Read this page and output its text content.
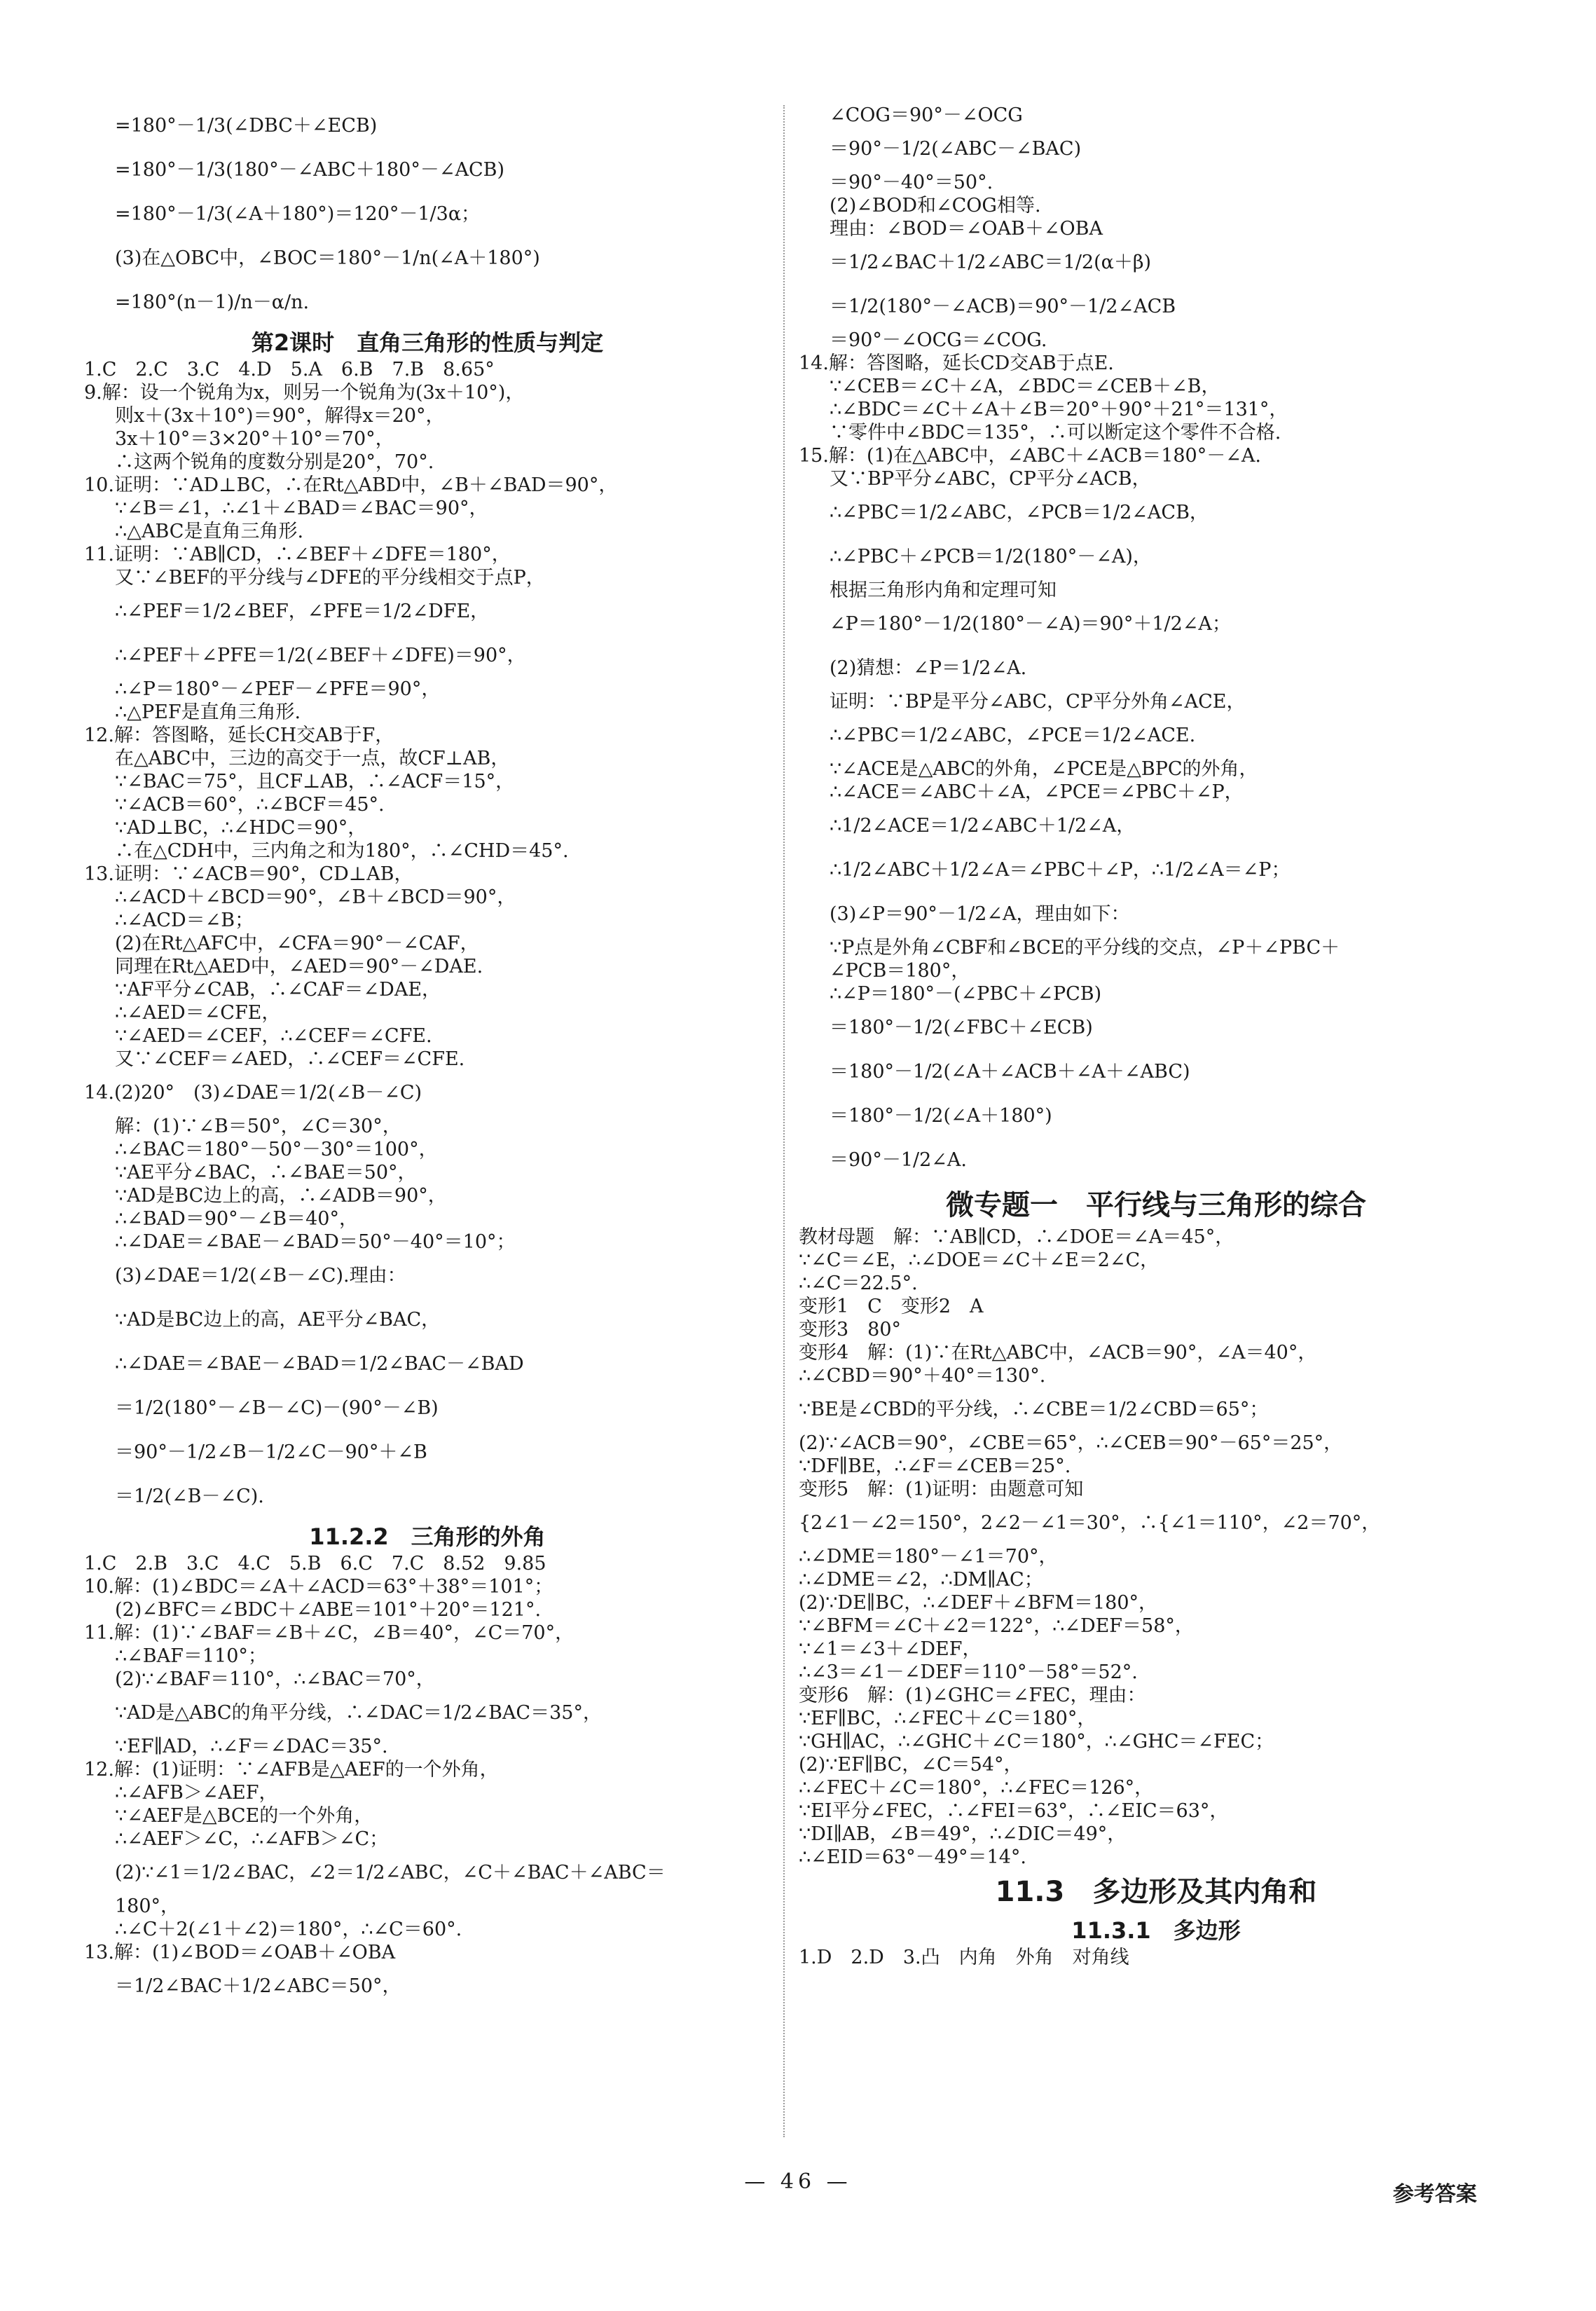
=180°－1/3(∠DBC＋∠ECB)
=180°－1/3(180°－∠ABC＋180°－∠ACB)
=180°－1/3(∠A＋180°)＝120°－1/3α；
(3)在△OBC中，∠BOC＝180°－1/n(∠A＋180°)
=180°(n－1)/n－α/n.
第2课时　直角三角形的性质与判定
1.C　2.C　3.C　4.D　5.A　6.B　7.B　8.65°
9.解：设一个锐角为x，则另一个锐角为(3x＋10°)，
则x＋(3x＋10°)＝90°，解得x＝20°，
3x＋10°＝3×20°＋10°＝70°，
∴这两个锐角的度数分别是20°，70°.
10.证明：∵AD⊥BC，∴在Rt△ABD中，∠B＋∠BAD＝90°，
∵∠B＝∠1，∴∠1＋∠BAD＝∠BAC＝90°，
∴△ABC是直角三角形.
11.证明：∵AB∥CD，∴∠BEF＋∠DFE＝180°，
又∵∠BEF的平分线与∠DFE的平分线相交于点P，
∴∠PEF＝1/2∠BEF，∠PFE＝1/2∠DFE，
∴∠PEF＋∠PFE＝1/2(∠BEF＋∠DFE)＝90°，
∴∠P＝180°－∠PEF－∠PFE＝90°，
∴△PEF是直角三角形.
12.解：答图略，延长CH交AB于F，
在△ABC中，三边的高交于一点，故CF⊥AB，
∵∠BAC＝75°，且CF⊥AB，∴∠ACF＝15°，
∵∠ACB＝60°，∴∠BCF＝45°.
∵AD⊥BC，∴∠HDC＝90°，
∴在△CDH中，三内角之和为180°，∴∠CHD＝45°.
13.证明：∵∠ACB＝90°，CD⊥AB，
∴∠ACD＋∠BCD＝90°，∠B＋∠BCD＝90°，
∴∠ACD＝∠B；
(2)在Rt△AFC中，∠CFA＝90°－∠CAF，
同理在Rt△AED中，∠AED＝90°－∠DAE.
∵AF平分∠CAB，∴∠CAF＝∠DAE，
∴∠AED＝∠CFE，
∵∠AED＝∠CEF，∴∠CEF＝∠CFE.
又∵∠CEF＝∠AED，∴∠CEF＝∠CFE.
14.(2)20°　(3)∠DAE＝1/2(∠B－∠C)
解：(1)∵∠B＝50°，∠C＝30°，
∴∠BAC＝180°－50°－30°＝100°，
∵AE平分∠BAC，∴∠BAE＝50°，
∵AD是BC边上的高，∴∠ADB＝90°，
∴∠BAD＝90°－∠B＝40°，
∴∠DAE＝∠BAE－∠BAD＝50°－40°＝10°；
(3)∠DAE＝1/2(∠B－∠C).理由：
∵AD是BC边上的高，AE平分∠BAC，
∴∠DAE＝∠BAE－∠BAD＝1/2∠BAC－∠BAD
＝1/2(180°－∠B－∠C)－(90°－∠B)
＝90°－1/2∠B－1/2∠C－90°＋∠B
＝1/2(∠B－∠C).
11.2.2　三角形的外角
1.C　2.B　3.C　4.C　5.B　6.C　7.C　8.52　9.85
10.解：(1)∠BDC＝∠A＋∠ACD＝63°＋38°＝101°；
(2)∠BFC＝∠BDC＋∠ABE＝101°＋20°＝121°.
11.解：(1)∵∠BAF＝∠B＋∠C，∠B＝40°，∠C＝70°，
∴∠BAF＝110°；
(2)∵∠BAF＝110°，∴∠BAC＝70°，
∵AD是△ABC的角平分线，∴∠DAC＝1/2∠BAC＝35°，
∵EF∥AD，∴∠F＝∠DAC＝35°.
12.解：(1)证明：∵∠AFB是△AEF的一个外角，
∴∠AFB＞∠AEF，
∵∠AEF是△BCE的一个外角，
∴∠AEF＞∠C，∴∠AFB＞∠C；
(2)∵∠1＝1/2∠BAC，∠2＝1/2∠ABC，∠C＋∠BAC＋∠ABC＝
180°，
∴∠C＋2(∠1＋∠2)＝180°，∴∠C＝60°.
13.解：(1)∠BOD＝∠OAB＋∠OBA
＝1/2∠BAC＋1/2∠ABC＝50°，
∠COG＝90°－∠OCG
＝90°－1/2(∠ABC－∠BAC)
＝90°－40°＝50°.
(2)∠BOD和∠COG相等.
理由：∠BOD＝∠OAB＋∠OBA
＝1/2∠BAC＋1/2∠ABC＝1/2(α＋β)
＝1/2(180°－∠ACB)＝90°－1/2∠ACB
＝90°－∠OCG＝∠COG.
14.解：答图略，延长CD交AB于点E.
∵∠CEB＝∠C＋∠A，∠BDC＝∠CEB＋∠B，
∴∠BDC＝∠C＋∠A＋∠B＝20°＋90°＋21°＝131°，
∵零件中∠BDC＝135°，∴可以断定这个零件不合格.
15.解：(1)在△ABC中，∠ABC＋∠ACB＝180°－∠A.
又∵BP平分∠ABC，CP平分∠ACB，
∴∠PBC＝1/2∠ABC，∠PCB＝1/2∠ACB，
∴∠PBC＋∠PCB＝1/2(180°－∠A)，
根据三角形内角和定理可知
∠P＝180°－1/2(180°－∠A)＝90°＋1/2∠A；
(2)猜想：∠P＝1/2∠A.
证明：∵BP是平分∠ABC，CP平分外角∠ACE，
∴∠PBC＝1/2∠ABC，∠PCE＝1/2∠ACE.
∵∠ACE是△ABC的外角，∠PCE是△BPC的外角，
∴∠ACE＝∠ABC＋∠A，∠PCE＝∠PBC＋∠P，
∴1/2∠ACE＝1/2∠ABC＋1/2∠A，
∴1/2∠ABC＋1/2∠A＝∠PBC＋∠P，∴1/2∠A＝∠P；
(3)∠P＝90°－1/2∠A，理由如下：
∵P点是外角∠CBF和∠BCE的平分线的交点，∠P＋∠PBC＋
∠PCB＝180°，
∴∠P＝180°－(∠PBC＋∠PCB)
＝180°－1/2(∠FBC＋∠ECB)
＝180°－1/2(∠A＋∠ACB＋∠A＋∠ABC)
＝180°－1/2(∠A＋180°)
＝90°－1/2∠A.
微专题一　平行线与三角形的综合
教材母题　解：∵AB∥CD，∴∠DOE＝∠A＝45°，
∵∠C＝∠E，∴∠DOE＝∠C＋∠E＝2∠C，
∴∠C＝22.5°.
变形1　C　变形2　A
变形3　80°
变形4　解：(1)∵在Rt△ABC中，∠ACB＝90°，∠A＝40°，
∴∠CBD＝90°＋40°＝130°.
∵BE是∠CBD的平分线，∴∠CBE＝1/2∠CBD＝65°；
(2)∵∠ACB＝90°，∠CBE＝65°，∴∠CEB＝90°－65°＝25°，
∵DF∥BE，∴∠F＝∠CEB＝25°.
变形5　解：(1)证明：由题意可知
{2∠1－∠2＝150°，2∠2－∠1＝30°，∴{∠1＝110°，∠2＝70°，
∴∠DME＝180°－∠1＝70°，
∴∠DME＝∠2，∴DM∥AC；
(2)∵DE∥BC，∴∠DEF＋∠BFM＝180°，
∵∠BFM＝∠C＋∠2＝122°，∴∠DEF＝58°，
∵∠1＝∠3＋∠DEF，
∴∠3＝∠1－∠DEF＝110°－58°＝52°.
变形6　解：(1)∠GHC＝∠FEC，理由：
∵EF∥BC，∴∠FEC＋∠C＝180°，
∵GH∥AC，∴∠GHC＋∠C＝180°，∴∠GHC＝∠FEC；
(2)∵EF∥BC，∠C＝54°，
∴∠FEC＋∠C＝180°，∴∠FEC＝126°，
∵EI平分∠FEC，∴∠FEI＝63°，∴∠EIC＝63°，
∵DI∥AB，∠B＝49°，∴∠DIC＝49°，
∴∠EID＝63°－49°＝14°.
11.3　多边形及其内角和
11.3.1　多边形
1.D　2.D　3.凸　内角　外角　对角线
— 46 —
参考答案
